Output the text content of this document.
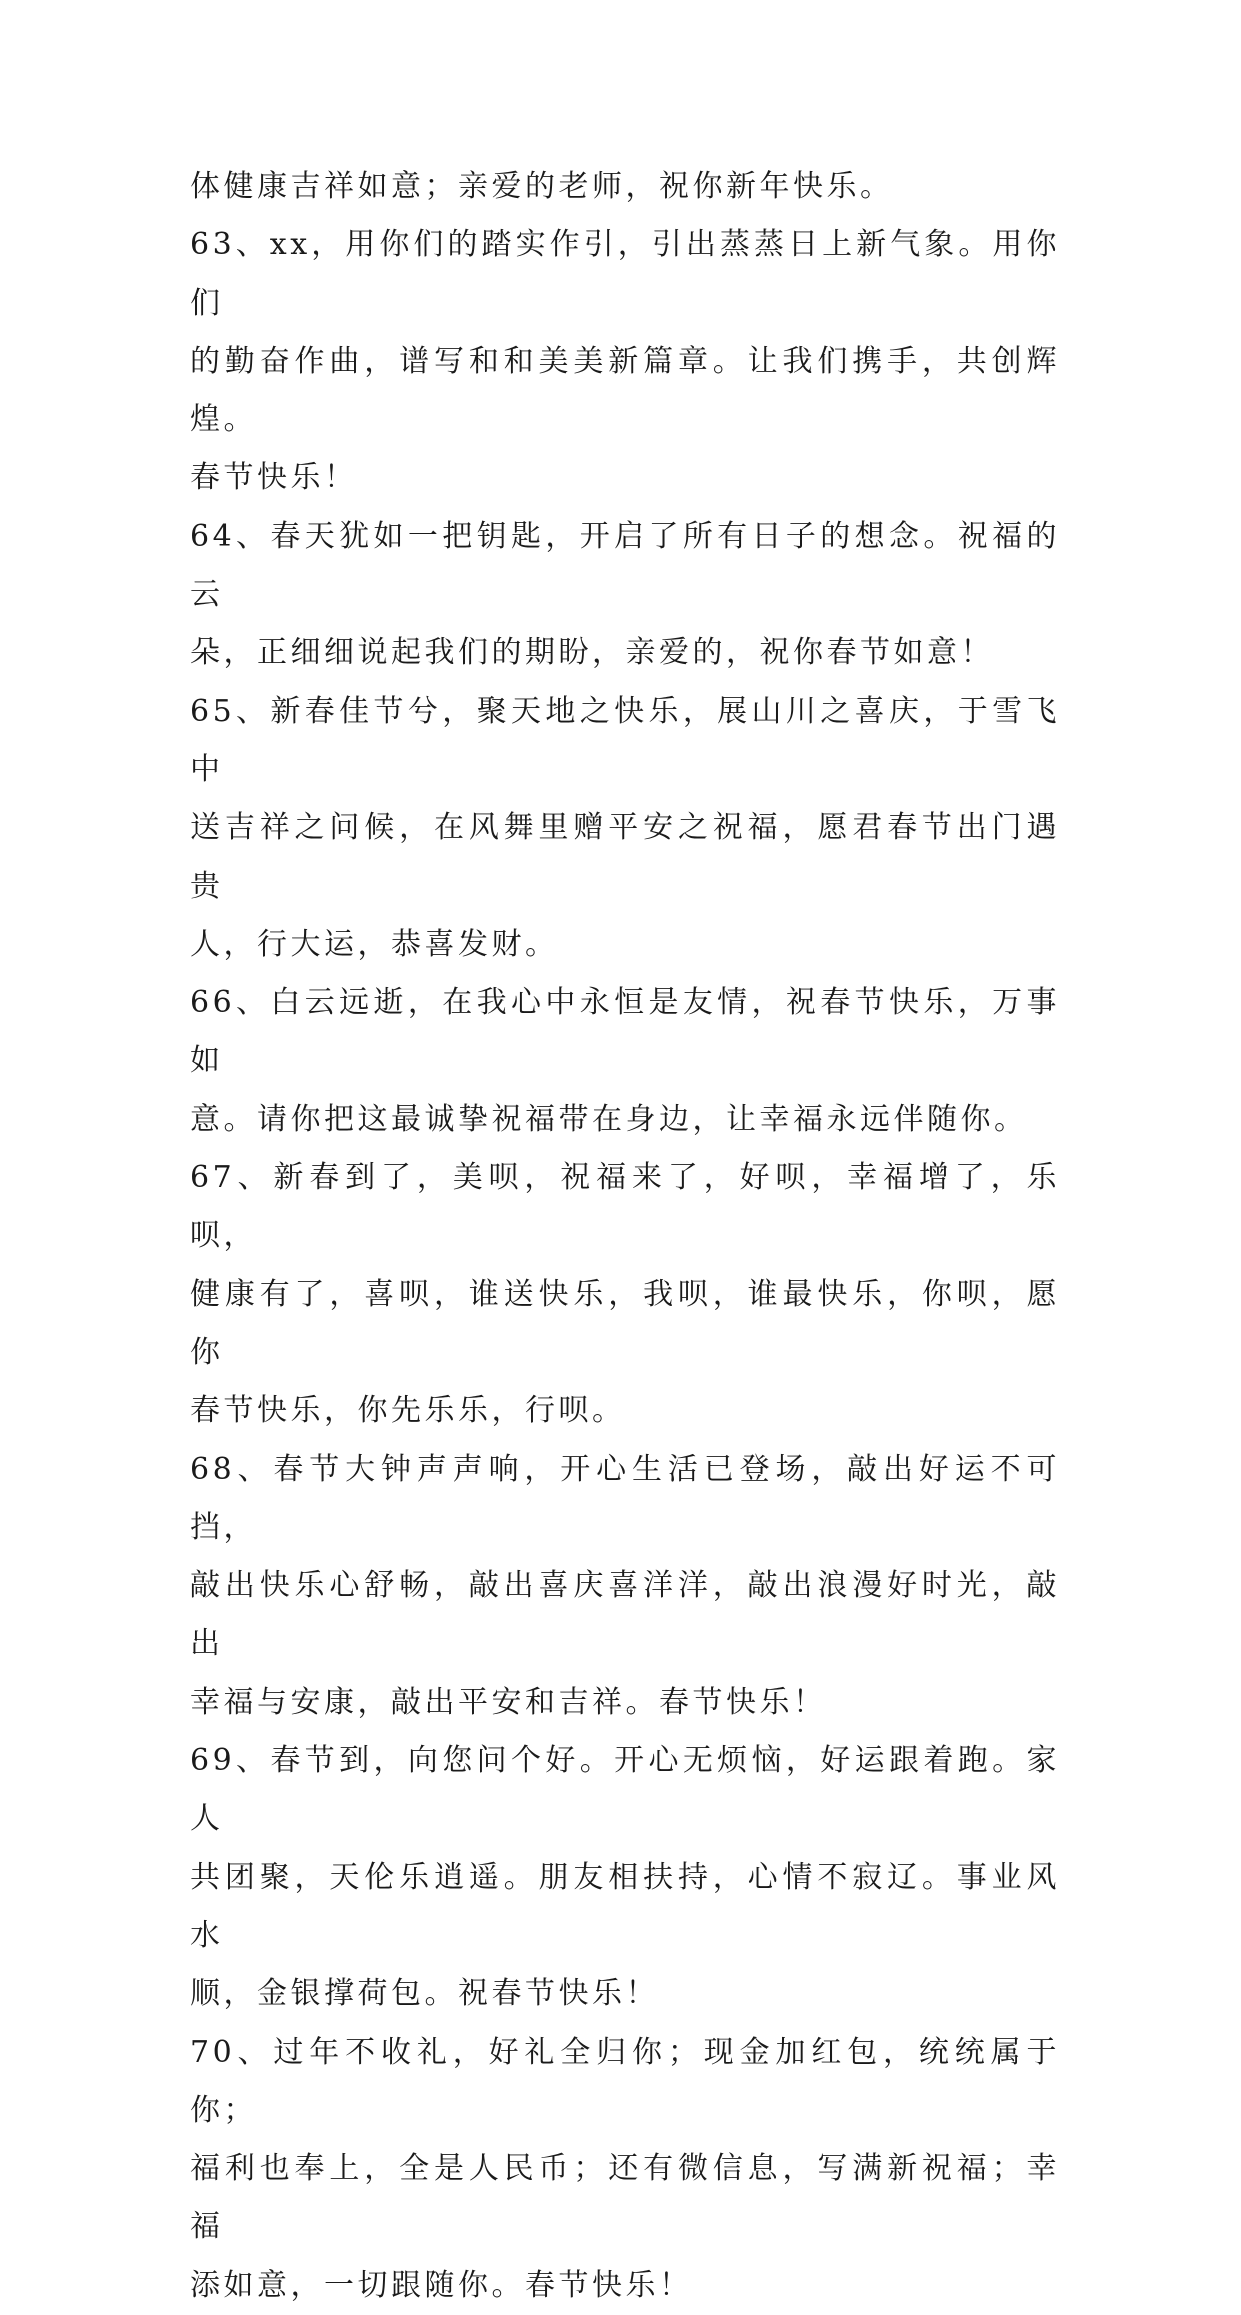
体健康吉祥如意；亲爱的老师，祝你新年快乐。
63、xx，用你们的踏实作引，引出蒸蒸日上新气象。用你们
的勤奋作曲，谱写和和美美新篇章。让我们携手，共创辉煌。
春节快乐！
64、春天犹如一把钥匙，开启了所有日子的想念。祝福的云
朵，正细细说起我们的期盼，亲爱的，祝你春节如意！
65、新春佳节兮，聚天地之快乐，展山川之喜庆，于雪飞中
送吉祥之问候，在风舞里赠平安之祝福，愿君春节出门遇贵
人，行大运，恭喜发财。
66、白云远逝，在我心中永恒是友情，祝春节快乐，万事如
意。请你把这最诚挚祝福带在身边，让幸福永远伴随你。
67、新春到了，美呗，祝福来了，好呗，幸福增了，乐呗，
健康有了，喜呗，谁送快乐，我呗，谁最快乐，你呗，愿你
春节快乐，你先乐乐，行呗。
68、春节大钟声声响，开心生活已登场，敲出好运不可挡，
敲出快乐心舒畅，敲出喜庆喜洋洋，敲出浪漫好时光，敲出
幸福与安康，敲出平安和吉祥。春节快乐！
69、春节到，向您问个好。开心无烦恼，好运跟着跑。家人
共团聚，天伦乐逍遥。朋友相扶持，心情不寂辽。事业风水
顺，金银撑荷包。祝春节快乐！
70、过年不收礼，好礼全归你；现金加红包，统统属于你；
福利也奉上，全是人民币；还有微信息，写满新祝福；幸福
添如意，一切跟随你。春节快乐！
